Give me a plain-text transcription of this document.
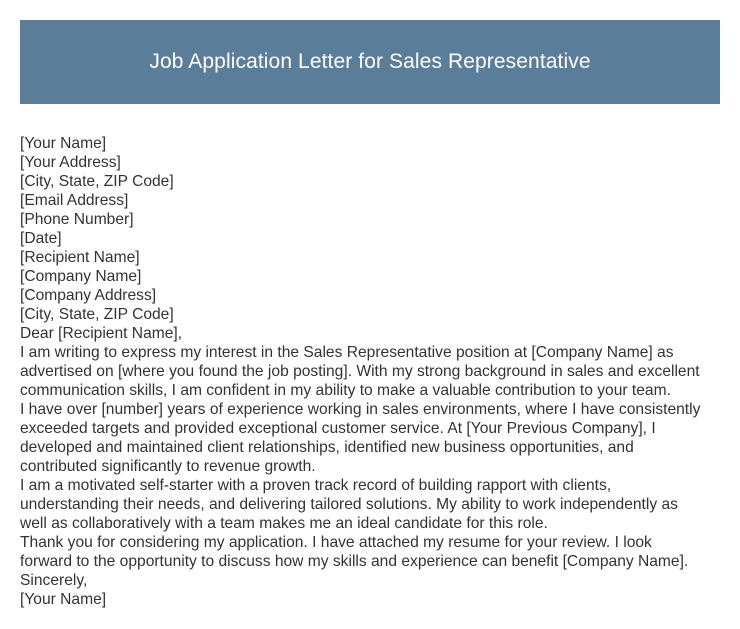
Job Application Letter for Sales Representative
[Your Name]
[Your Address]
[City, State, ZIP Code]
[Email Address]
[Phone Number]
[Date]
[Recipient Name]
[Company Name]
[Company Address]
[City, State, ZIP Code]
Dear [Recipient Name],
I am writing to express my interest in the Sales Representative position at [Company Name] as
advertised on [where you found the job posting]. With my strong background in sales and excellent
communication skills, I am confident in my ability to make a valuable contribution to your team.
I have over [number] years of experience working in sales environments, where I have consistently
exceeded targets and provided exceptional customer service. At [Your Previous Company], I
developed and maintained client relationships, identified new business opportunities, and
contributed significantly to revenue growth.
I am a motivated self-starter with a proven track record of building rapport with clients,
understanding their needs, and delivering tailored solutions. My ability to work independently as
well as collaboratively with a team makes me an ideal candidate for this role.
Thank you for considering my application. I have attached my resume for your review. I look
forward to the opportunity to discuss how my skills and experience can benefit [Company Name].
Sincerely,
[Your Name]
